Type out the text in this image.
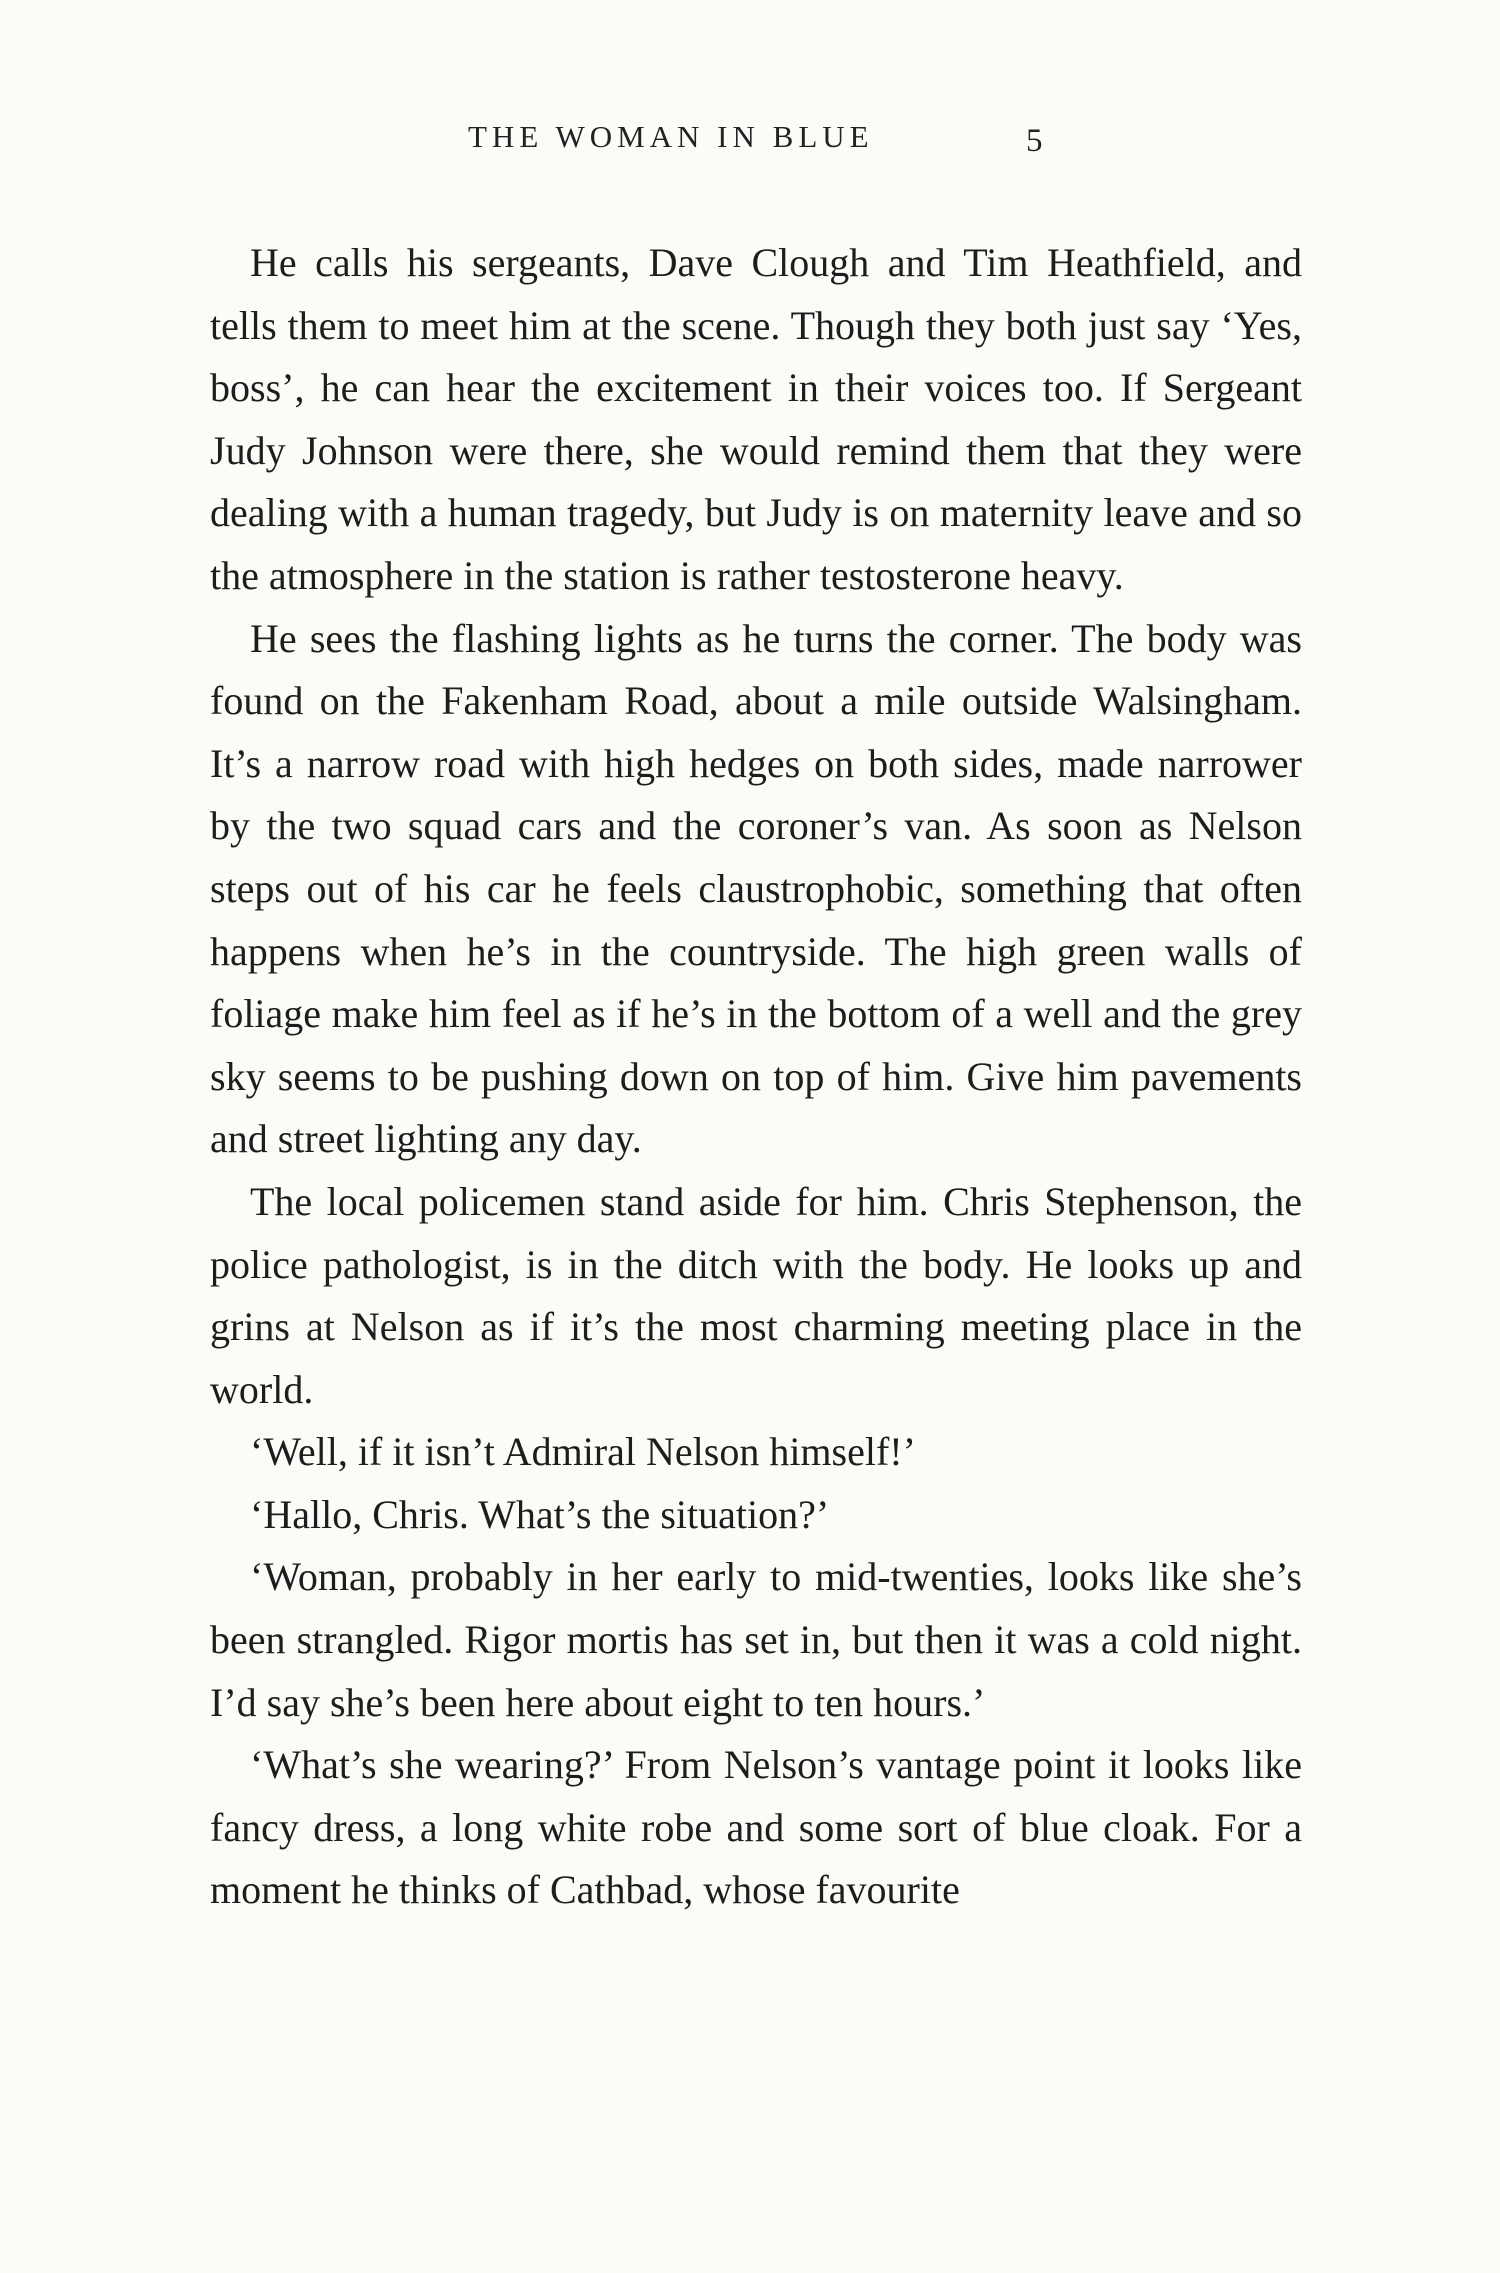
THE WOMAN IN BLUE	5

He calls his sergeants, Dave Clough and Tim Heathfield, and tells them to meet him at the scene. Though they both just say ‘Yes, boss’, he can hear the excitement in their voices too. If Sergeant Judy Johnson were there, she would remind them that they were dealing with a human tragedy, but Judy is on maternity leave and so the atmosphere in the station is rather testosterone heavy.

He sees the flashing lights as he turns the corner. The body was found on the Fakenham Road, about a mile outside Walsingham. It’s a narrow road with high hedges on both sides, made narrower by the two squad cars and the coroner’s van. As soon as Nelson steps out of his car he feels claustrophobic, something that often happens when he’s in the countryside. The high green walls of foliage make him feel as if he’s in the bottom of a well and the grey sky seems to be pushing down on top of him. Give him pavements and street lighting any day.

The local policemen stand aside for him. Chris Stephenson, the police pathologist, is in the ditch with the body. He looks up and grins at Nelson as if it’s the most charming meeting place in the world.

‘Well, if it isn’t Admiral Nelson himself!’

‘Hallo, Chris. What’s the situation?’

‘Woman, probably in her early to mid-twenties, looks like she’s been strangled. Rigor mortis has set in, but then it was a cold night. I’d say she’s been here about eight to ten hours.’

‘What’s she wearing?’ From Nelson’s vantage point it looks like fancy dress, a long white robe and some sort of blue cloak. For a moment he thinks of Cathbad, whose favourite
